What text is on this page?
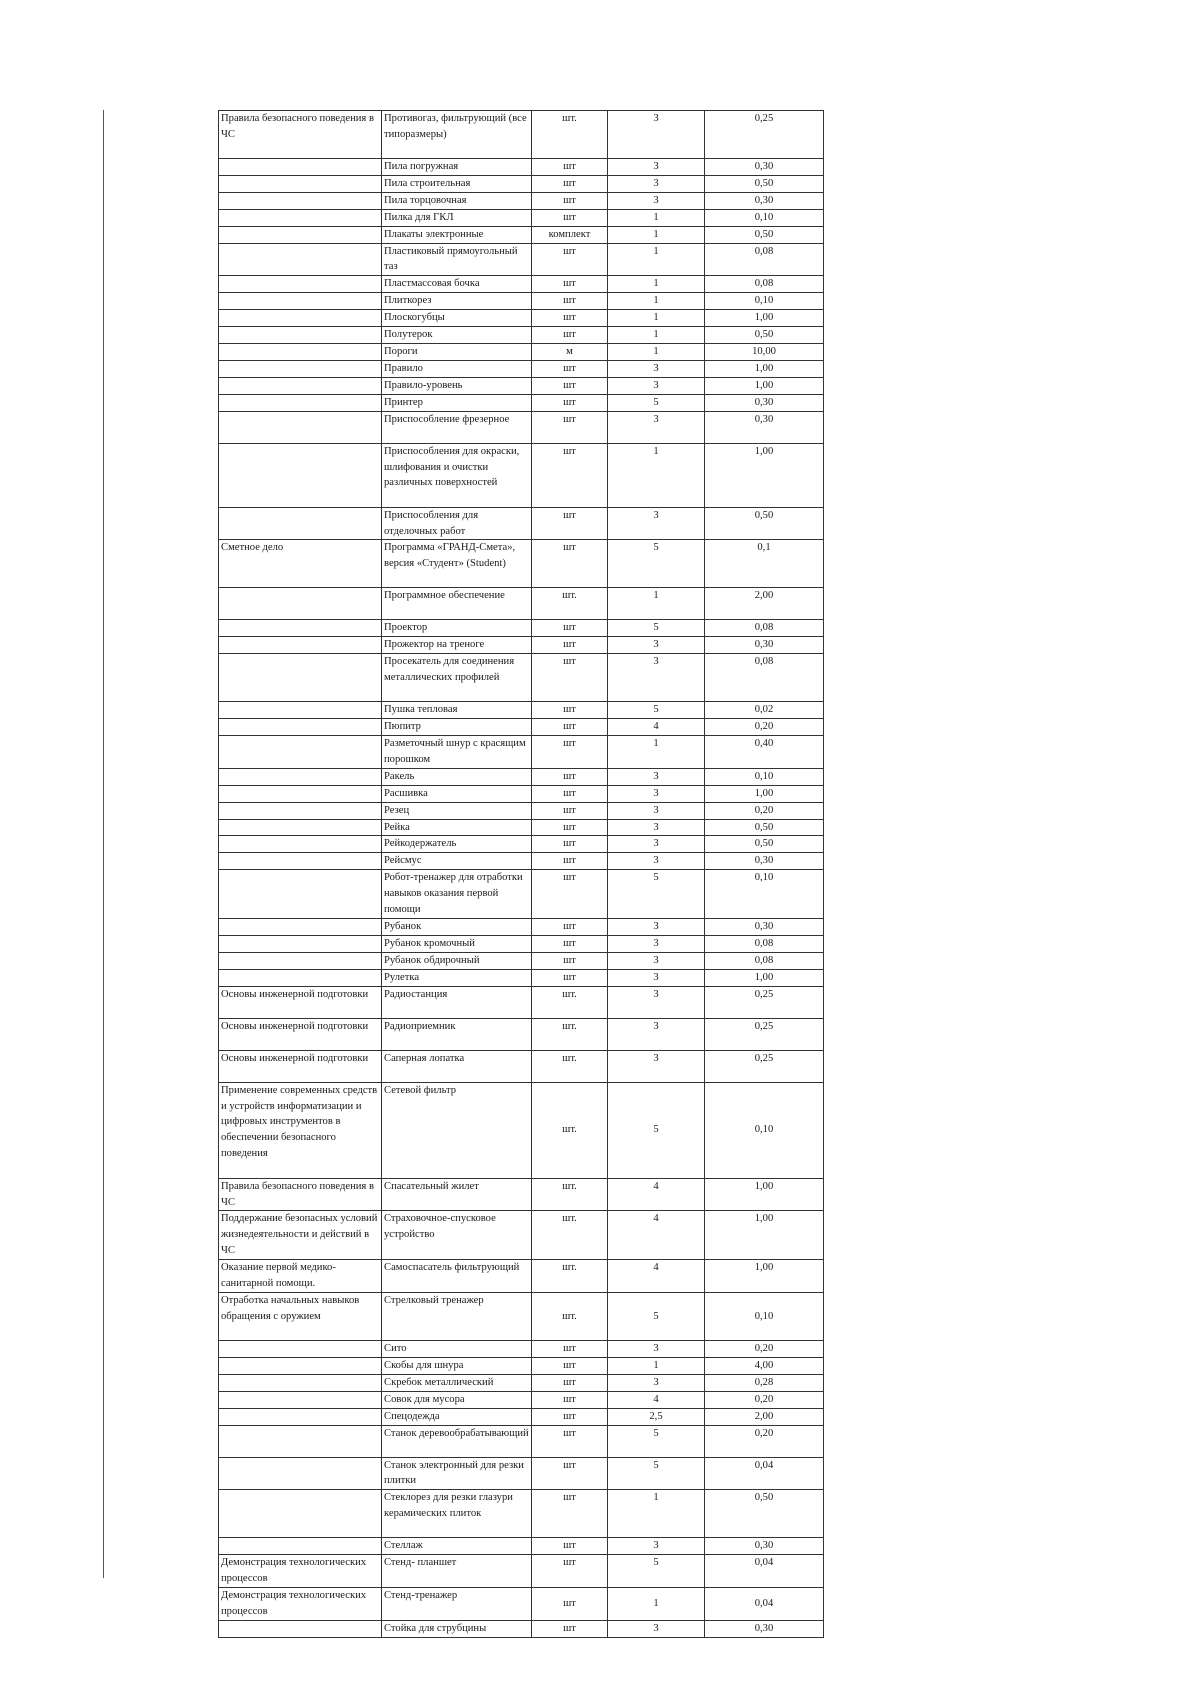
Правила безопасного поведения в ЧС	Противогаз, фильтрующий (все типоразмеры)	шт.	3	0,25
	Пила погружная	шт	3	0,30
	Пила строительная	шт	3	0,50
	Пила торцовочная	шт	3	0,30
	Пилка для ГКЛ	шт	1	0,10
	Плакаты электронные	комплект	1	0,50
	Пластиковый прямоугольный таз	шт	1	0,08
	Пластмассовая бочка	шт	1	0,08
	Плиткорез	шт	1	0,10
	Плоскогубцы	шт	1	1,00
	Полутерок	шт	1	0,50
	Пороги	м	1	10,00
	Правило	шт	3	1,00
	Правило-уровень	шт	3	1,00
	Принтер	шт	5	0,30
	Приспособление фрезерное	шт	3	0,30
	Приспособления для окраски, шлифования и очистки различных поверхностей	шт	1	1,00
	Приспособления для отделочных работ	шт	3	0,50
Сметное дело	Программа «ГРАНД-Смета», версия «Студент» (Student)	шт	5	0,1
	Программное обеспечение	шт.	1	2,00
	Проектор	шт	5	0,08
	Прожектор на треноге	шт	3	0,30
	Просекатель для соединения металлических профилей	шт	3	0,08
	Пушка тепловая	шт	5	0,02
	Пюпитр	шт	4	0,20
	Разметочный шнур с красящим порошком	шт	1	0,40
	Ракель	шт	3	0,10
	Расшивка	шт	3	1,00
	Резец	шт	3	0,20
	Рейка	шт	3	0,50
	Рейкодержатель	шт	3	0,50
	Рейсмус	шт	3	0,30
	Робот-тренажер для отработки навыков оказания первой помощи	шт	5	0,10
	Рубанок	шт	3	0,30
	Рубанок кромочный	шт	3	0,08
	Рубанок обдирочный	шт	3	0,08
	Рулетка	шт	3	1,00
Основы инженерной подготовки	Радиостанция	шт.	3	0,25
Основы инженерной подготовки	Радиоприемник	шт.	3	0,25
Основы инженерной подготовки	Саперная лопатка	шт.	3	0,25
Применение современных средств и устройств информатизации и цифровых инструментов в обеспечении безопасного поведения	Сетевой фильтр	шт.	5	0,10
Правила безопасного поведения в ЧС	Спасательный жилет	шт.	4	1,00
Поддержание безопасных условий жизнедеятельности и действий в ЧС	Страховочное-спусковое устройство	шт.	4	1,00
Оказание первой медико-санитарной помощи.	Самоспасатель фильтрующий	шт.	4	1,00
Отработка начальных навыков обращения с оружием	Стрелковый тренажер	шт.	5	0,10
	Сито	шт	3	0,20
	Скобы для шнура	шт	1	4,00
	Скребок металлический	шт	3	0,28
	Совок для мусора	шт	4	0,20
	Спецодежда	шт	2,5	2,00
	Станок деревообрабатывающий	шт	5	0,20
	Станок электронный для резки плитки	шт	5	0,04
	Стеклорез для резки глазури керамических плиток	шт	1	0,50
	Стеллаж	шт	3	0,30
Демонстрация технологических процессов	Стенд- планшет	шт	5	0,04
Демонстрация технологических процессов	Стенд-тренажер	шт	1	0,04
	Стойка для струбцины	шт	3	0,30
